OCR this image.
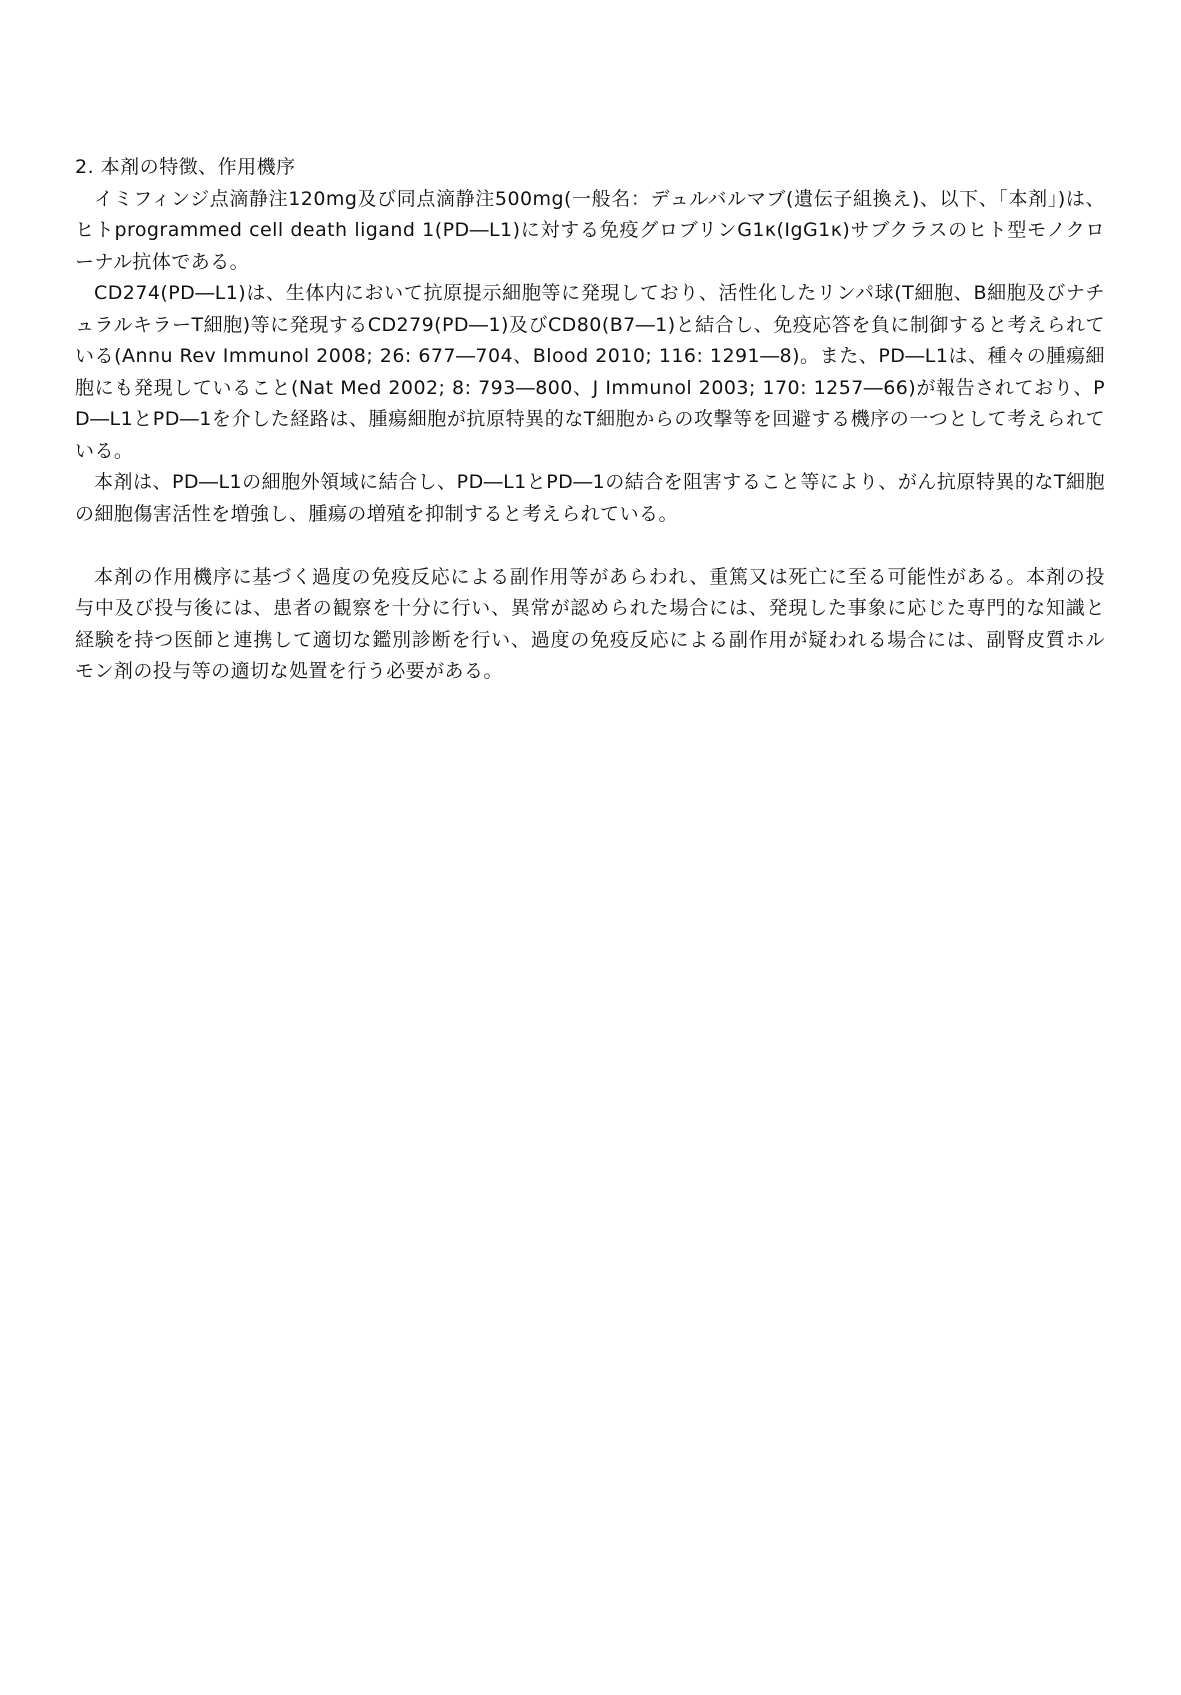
2. 本剤の特徴、作用機序

イミフィンジ点滴静注120mg及び同点滴静注500mg(一般名：デュルバルマブ(遺伝子組換え)、以下、「本剤」)は、ヒトprogrammed cell death ligand 1(PD―L1)に対する免疫グロブリンG1κ(IgG1κ)サブクラスのヒト型モノクローナル抗体である。

CD274(PD―L1)は、生体内において抗原提示細胞等に発現しており、活性化したリンパ球(T細胞、B細胞及びナチュラルキラーT細胞)等に発現するCD279(PD―1)及びCD80(B7―1)と結合し、免疫応答を負に制御すると考えられている(Annu Rev Immunol 2008; 26: 677―704、Blood 2010; 116: 1291―8)。また、PD―L1は、種々の腫瘍細胞にも発現していること(Nat Med 2002; 8: 793―800、J Immunol 2003; 170: 1257―66)が報告されており、PD―L1とPD―1を介した経路は、腫瘍細胞が抗原特異的なT細胞からの攻撃等を回避する機序の一つとして考えられている。

本剤は、PD―L1の細胞外領域に結合し、PD―L1とPD―1の結合を阻害すること等により、がん抗原特異的なT細胞の細胞傷害活性を増強し、腫瘍の増殖を抑制すると考えられている。

本剤の作用機序に基づく過度の免疫反応による副作用等があらわれ、重篤又は死亡に至る可能性がある。本剤の投与中及び投与後には、患者の観察を十分に行い、異常が認められた場合には、発現した事象に応じた専門的な知識と経験を持つ医師と連携して適切な鑑別診断を行い、過度の免疫反応による副作用が疑われる場合には、副腎皮質ホルモン剤の投与等の適切な処置を行う必要がある。
